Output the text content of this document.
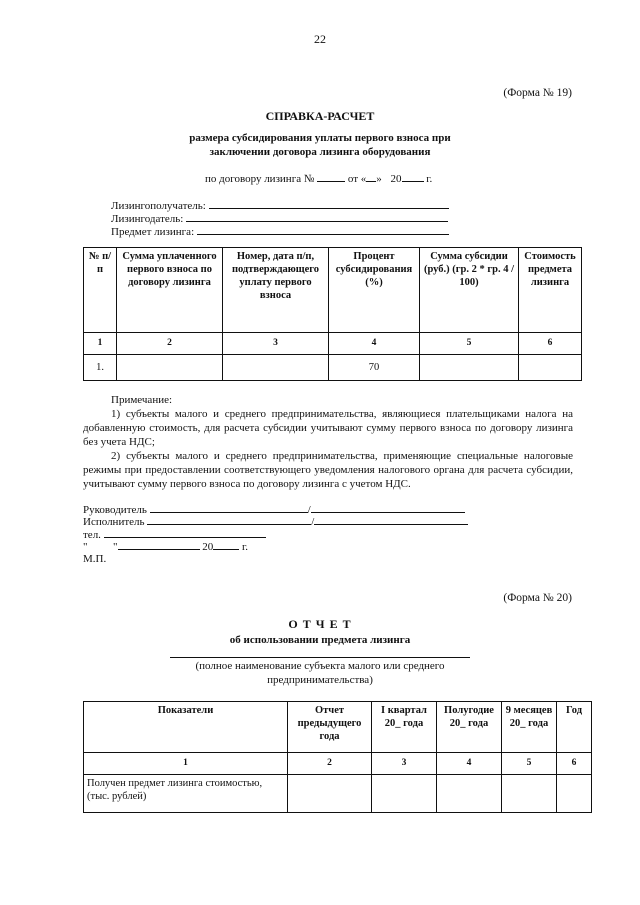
22
(Форма № 19)
СПРАВКА-РАСЧЕТ
размера субсидирования уплаты первого взноса при
заключении договора лизинга оборудования
по договору лизинга №	от « » 20 г.
Лизингополучатель:
Лизингодатель:
Предмет лизинга:
№ п/п	Сумма уплаченного первого взноса по договору лизинга	Номер, дата п/п, подтверждающего уплату первого взноса	Процент субсидирования (%)	Сумма субсидии (руб.) (гр. 2 * гр. 4 / 100)	Стоимость предмета лизинга
1	2	3	4	5	6
1.			70		
Примечание:
1) субъекты малого и среднего предпринимательства, являющиеся плательщиками налога на добавленную стоимость, для расчета субсидии учитывают сумму первого взноса по договору лизинга без учета НДС;
2) субъекты малого и среднего предпринимательства, применяющие специальные налоговые режимы при предоставлении соответствующего уведомления налогового органа для расчета субсидии, учитывают сумму первого взноса по договору лизинга с учетом НДС.
Руководитель	/
Исполнитель	/
тел.
" "	20	г.
М.П.
(Форма № 20)
О Т Ч Е Т
об использовании предмета лизинга
(полное наименование субъекта малого или среднего
предпринимательства)
Показатели	Отчет предыдущего года	I квартал 20_ года	Полугодие 20_ года	9 месяцев 20_ года	Год
1	2	3	4	5	6
Получен предмет лизинга стоимостью, (тыс. рублей)					
